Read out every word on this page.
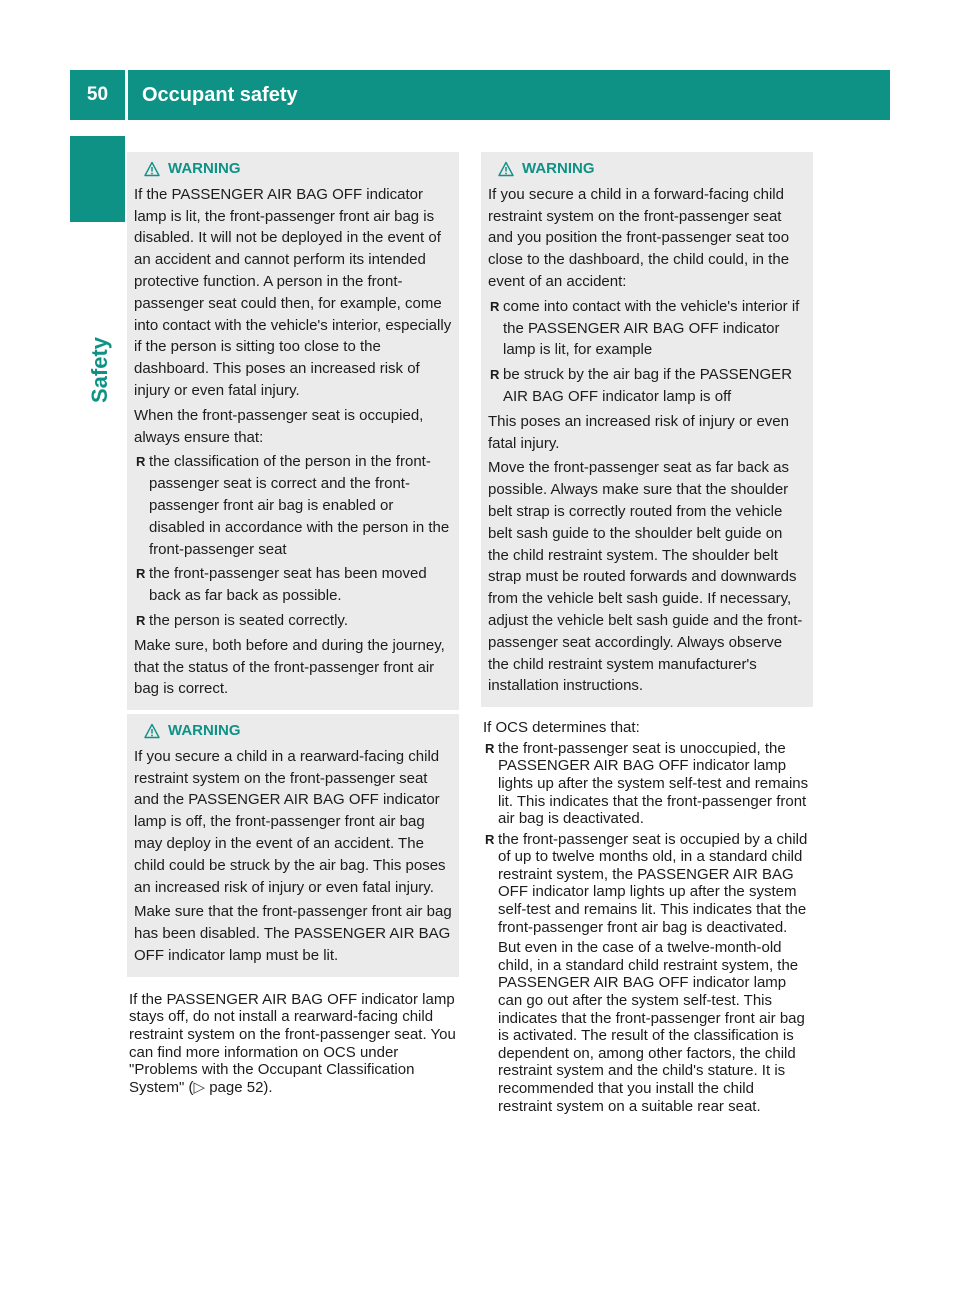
50	Occupant safety
Safety
WARNING

If the PASSENGER AIR BAG OFF indicator lamp is lit, the front-passenger front air bag is disabled. It will not be deployed in the event of an accident and cannot perform its intended protective function. A person in the front-passenger seat could then, for example, come into contact with the vehicle's interior, especially if the person is sitting too close to the dashboard. This poses an increased risk of injury or even fatal injury.

When the front-passenger seat is occupied, always ensure that:

R the classification of the person in the front-passenger seat is correct and the front-passenger front air bag is enabled or disabled in accordance with the person in the front-passenger seat
R the front-passenger seat has been moved back as far back as possible.
R the person is seated correctly.

Make sure, both before and during the journey, that the status of the front-passenger front air bag is correct.

WARNING

If you secure a child in a rearward-facing child restraint system on the front-passenger seat and the PASSENGER AIR BAG OFF indicator lamp is off, the front-passenger front air bag may deploy in the event of an accident. The child could be struck by the air bag. This poses an increased risk of injury or even fatal injury.

Make sure that the front-passenger front air bag has been disabled. The PASSENGER AIR BAG OFF indicator lamp must be lit.

If the PASSENGER AIR BAG OFF indicator lamp stays off, do not install a rearward-facing child restraint system on the front-passenger seat. You can find more information on OCS under "Problems with the Occupant Classification System" (▷ page 52).

WARNING

If you secure a child in a forward-facing child restraint system on the front-passenger seat and you position the front-passenger seat too close to the dashboard, the child could, in the event of an accident:

R come into contact with the vehicle's interior if the PASSENGER AIR BAG OFF indicator lamp is lit, for example
R be struck by the air bag if the PASSENGER AIR BAG OFF indicator lamp is off

This poses an increased risk of injury or even fatal injury.

Move the front-passenger seat as far back as possible. Always make sure that the shoulder belt strap is correctly routed from the vehicle belt sash guide to the shoulder belt guide on the child restraint system. The shoulder belt strap must be routed forwards and downwards from the vehicle belt sash guide. If necessary, adjust the vehicle belt sash guide and the front-passenger seat accordingly. Always observe the child restraint system manufacturer's installation instructions.

If OCS determines that:

R the front-passenger seat is unoccupied, the PASSENGER AIR BAG OFF indicator lamp lights up after the system self-test and remains lit. This indicates that the front-passenger front air bag is deactivated.
R the front-passenger seat is occupied by a child of up to twelve months old, in a standard child restraint system, the PASSENGER AIR BAG OFF indicator lamp lights up after the system self-test and remains lit. This indicates that the front-passenger front air bag is deactivated.

But even in the case of a twelve-month-old child, in a standard child restraint system, the PASSENGER AIR BAG OFF indicator lamp can go out after the system self-test. This indicates that the front-passenger front air bag is activated. The result of the classification is dependent on, among other factors, the child restraint system and the child's stature. It is recommended that you install the child restraint system on a suitable rear seat.
